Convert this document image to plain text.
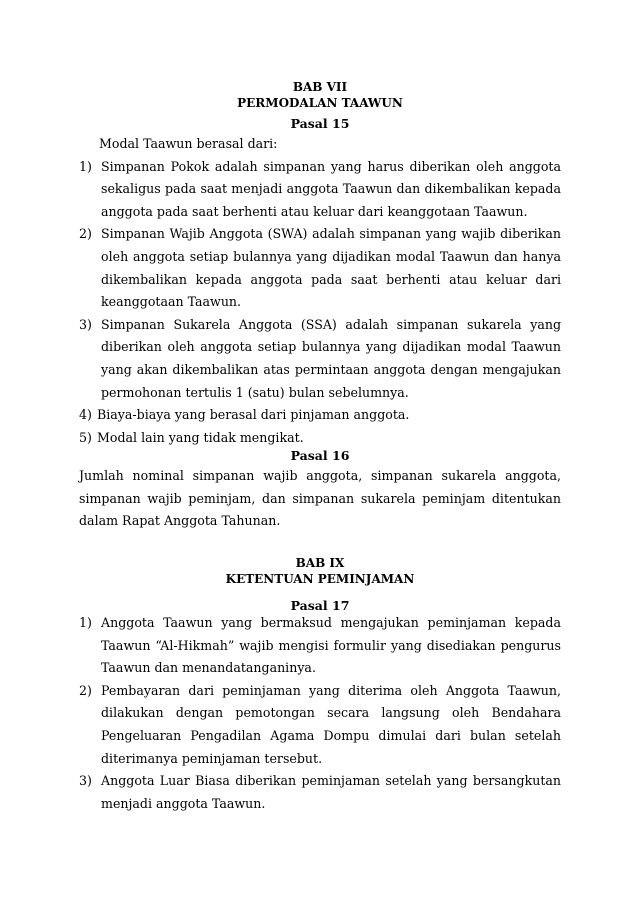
BAB VII
PERMODALAN TAAWUN
Pasal 15
Modal Taawun berasal dari:
1) Simpanan Pokok adalah simpanan yang harus diberikan oleh anggota sekaligus pada saat menjadi anggota Taawun dan dikembalikan kepada anggota pada saat berhenti atau keluar dari keanggotaan Taawun.
2) Simpanan Wajib Anggota (SWA) adalah simpanan yang wajib diberikan oleh anggota setiap bulannya yang dijadikan modal Taawun dan hanya dikembalikan kepada anggota pada saat berhenti atau keluar dari keanggotaan Taawun.
3) Simpanan Sukarela Anggota (SSA) adalah simpanan sukarela yang diberikan oleh anggota setiap bulannya yang dijadikan modal Taawun yang akan dikembalikan atas permintaan anggota dengan mengajukan permohonan tertulis 1 (satu) bulan sebelumnya.
4) Biaya-biaya yang berasal dari pinjaman anggota.
5) Modal lain yang tidak mengikat.
Pasal 16
Jumlah nominal simpanan wajib anggota, simpanan sukarela anggota, simpanan wajib peminjam, dan simpanan sukarela peminjam ditentukan dalam Rapat Anggota Tahunan.
BAB IX
KETENTUAN PEMINJAMAN
Pasal 17
1) Anggota Taawun yang bermaksud mengajukan peminjaman kepada Taawun “Al-Hikmah” wajib mengisi formulir yang disediakan pengurus Taawun dan menandatanganinya.
2) Pembayaran dari peminjaman yang diterima oleh Anggota Taawun, dilakukan dengan pemotongan secara langsung oleh Bendahara Pengeluaran Pengadilan Agama Dompu dimulai dari bulan setelah diterimanya peminjaman tersebut.
3) Anggota Luar Biasa diberikan peminjaman setelah yang bersangkutan menjadi anggota Taawun.
